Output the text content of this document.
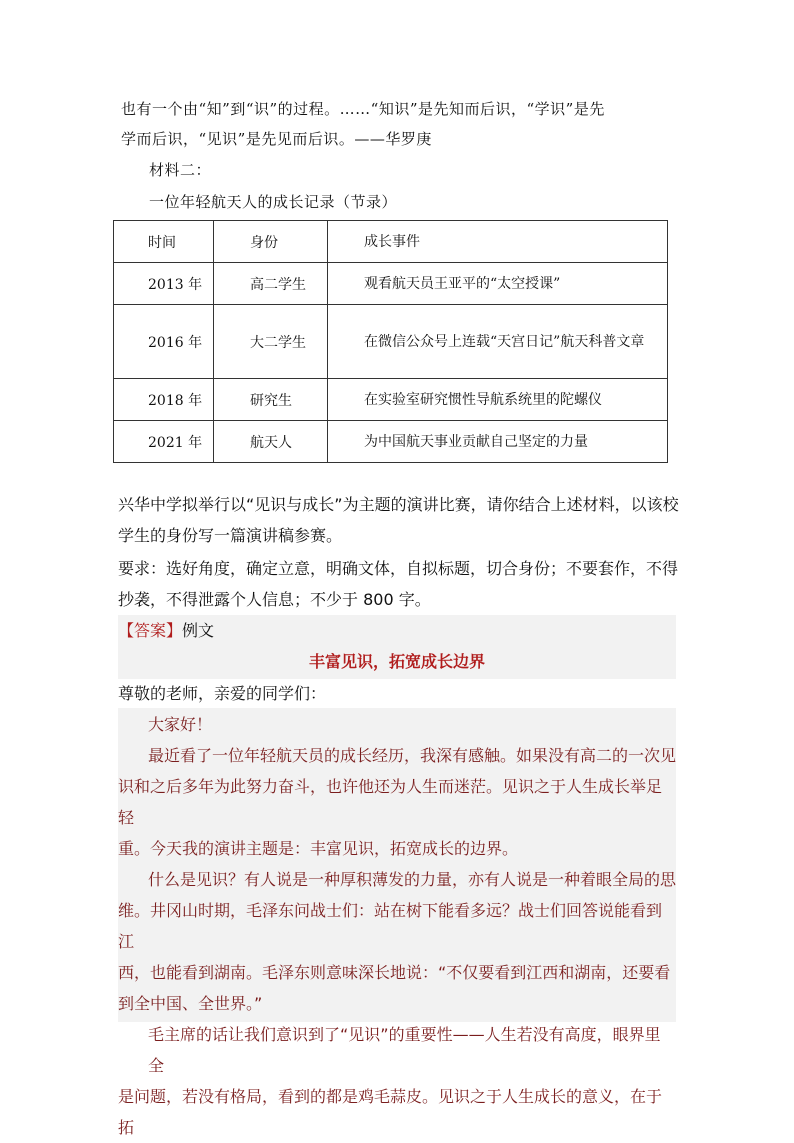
也有一个由“知”到“识”的过程。……“知识”是先知而后识，“学识”是先
学而后识，“见识”是先见而后识。——华罗庚
材料二：
一位年轻航天人的成长记录（节录）
时间	身份	成长事件
2013 年	高二学生	观看航天员王亚平的“太空授课”
2016 年	大二学生	在微信公众号上连载“天宫日记”航天科普文章
2018 年	研究生	在实验室研究惯性导航系统里的陀螺仪
2021 年	航天人	为中国航天事业贡献自己坚定的力量
兴华中学拟举行以“见识与成长”为主题的演讲比赛，请你结合上述材料，以该校
学生的身份写一篇演讲稿参赛。
要求：选好角度，确定立意，明确文体，自拟标题，切合身份；不要套作，不得
抄袭，不得泄露个人信息；不少于 800 字。
【答案】例文
丰富见识，拓宽成长边界
尊敬的老师，亲爱的同学们：
大家好！
最近看了一位年轻航天员的成长经历，我深有感触。如果没有高二的一次见
识和之后多年为此努力奋斗，也许他还为人生而迷茫。见识之于人生成长举足轻
重。今天我的演讲主题是：丰富见识，拓宽成长的边界。
什么是见识？有人说是一种厚积薄发的力量，亦有人说是一种着眼全局的思
维。井冈山时期，毛泽东问战士们：站在树下能看多远？战士们回答说能看到江
西，也能看到湖南。毛泽东则意味深长地说：“不仅要看到江西和湖南，还要看
到全中国、全世界。”
毛主席的话让我们意识到了“见识”的重要性——人生若没有高度，眼界里全
是问题，若没有格局，看到的都是鸡毛蒜皮。见识之于人生成长的意义，在于拓
